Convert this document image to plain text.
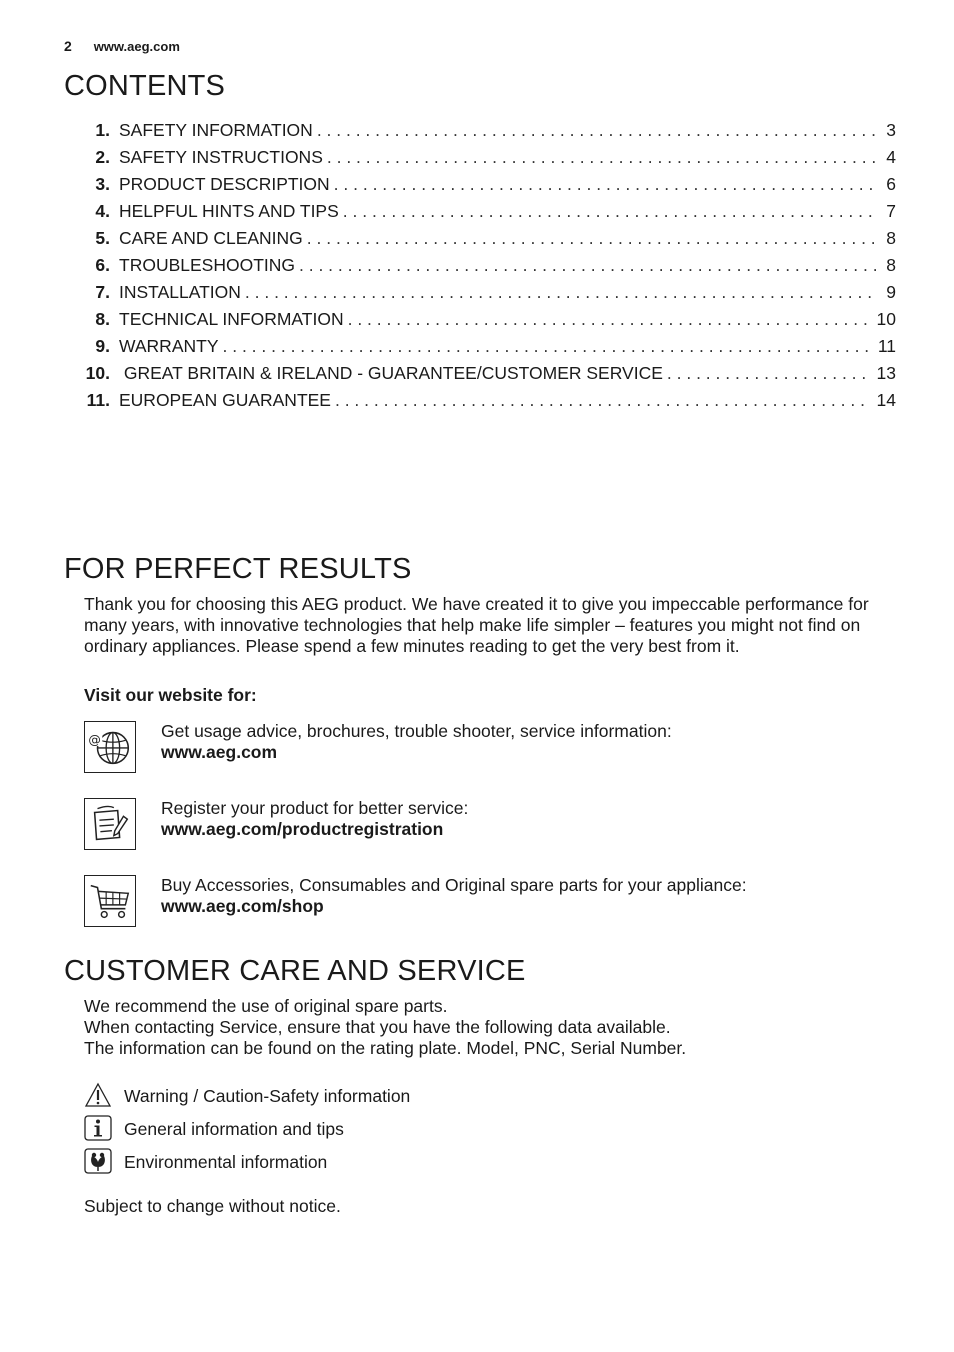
2 www.aeg.com
CONTENTS
1. SAFETY INFORMATION . . .	3
2. SAFETY INSTRUCTIONS . . .	4
3. PRODUCT DESCRIPTION . . .	6
4. HELPFUL HINTS AND TIPS . . .	7
5. CARE AND CLEANING . . .	8
6. TROUBLESHOOTING . . .	8
7. INSTALLATION . . .	9
8. TECHNICAL INFORMATION . . .	10
9. WARRANTY . . .	11
10. GREAT BRITAIN & IRELAND - GUARANTEE/CUSTOMER SERVICE . . .	13
11. EUROPEAN GUARANTEE . . .	14
FOR PERFECT RESULTS
Thank you for choosing this AEG product. We have created it to give you impeccable performance for many years, with innovative technologies that help make life simpler – features you might not find on ordinary appliances. Please spend a few minutes reading to get the very best from it.
Visit our website for:
@	Get usage advice, brochures, trouble shooter, service information:
www.aeg.com
Register your product for better service:
www.aeg.com/productregistration
Buy Accessories, Consumables and Original spare parts for your appliance:
www.aeg.com/shop
CUSTOMER CARE AND SERVICE
We recommend the use of original spare parts.
When contacting Service, ensure that you have the following data available.
The information can be found on the rating plate. Model, PNC, Serial Number.
Warning / Caution-Safety information
General information and tips
Environmental information
Subject to change without notice.
